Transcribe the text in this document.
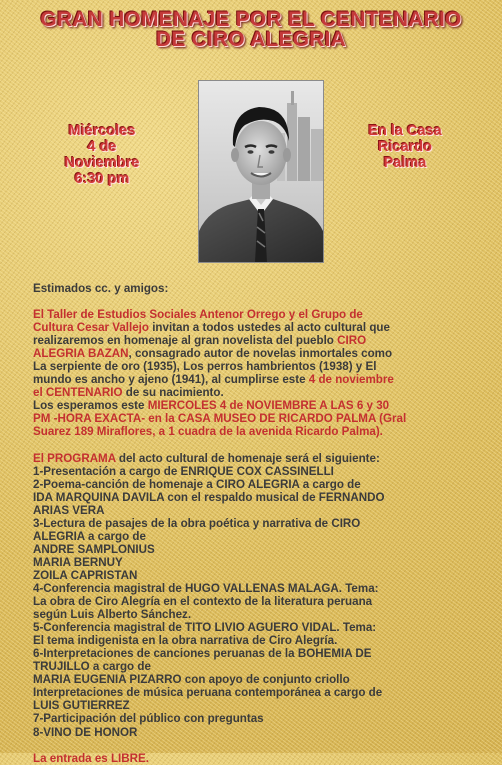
GRAN HOMENAJE POR EL CENTENARIO
DE CIRO ALEGRIA
Miércoles
4 de
Noviembre
6:30 pm
En la Casa
Ricardo
Palma

Estimados cc. y amigos:

El Taller de Estudios Sociales Antenor Orrego y el Grupo de

Cultura Cesar Vallejo invitan a todos ustedes al acto cultural que

realizaremos en homenaje al gran novelista del pueblo CIRO

ALEGRIA BAZAN, consagrado autor de novelas inmortales como

La serpiente de oro (1935), Los perros hambrientos (1938) y El

mundo es ancho y ajeno (1941), al cumplirse este 4 de noviembre

el CENTENARIO de su nacimiento.

Los esperamos este MIERCOLES 4 de NOVIEMBRE A LAS 6 y 30

PM -HORA EXACTA- en la CASA MUSEO DE RICARDO PALMA (Gral

Suarez 189 Miraflores, a 1 cuadra de la avenida Ricardo Palma).

El PROGRAMA del acto cultural de homenaje será el siguiente:

1-Presentación a cargo de ENRIQUE COX CASSINELLI

2-Poema-canción de homenaje a CIRO ALEGRIA a cargo de

IDA MARQUINA DAVILA con el respaldo musical de FERNANDO

ARIAS VERA

3-Lectura de pasajes de la obra poética y narrativa de CIRO

ALEGRIA a cargo de

ANDRE SAMPLONIUS

MARIA BERNUY

ZOILA CAPRISTAN

4-Conferencia magistral de HUGO VALLENAS MALAGA. Tema:

La obra de Ciro Alegría en el contexto de la literatura peruana

según Luis Alberto Sánchez.

5-Conferencia magistral de TITO LIVIO AGUERO VIDAL. Tema:

El tema indigenista en la obra narrativa de Ciro Alegría.

6-Interpretaciones de canciones peruanas de la BOHEMIA DE

TRUJILLO a cargo de

MARIA EUGENIA PIZARRO con apoyo de conjunto criollo

Interpretaciones de música peruana contemporánea a cargo de

LUIS GUTIERREZ

7-Participación del público con preguntas

8-VINO DE HONOR

La entrada es LIBRE.
